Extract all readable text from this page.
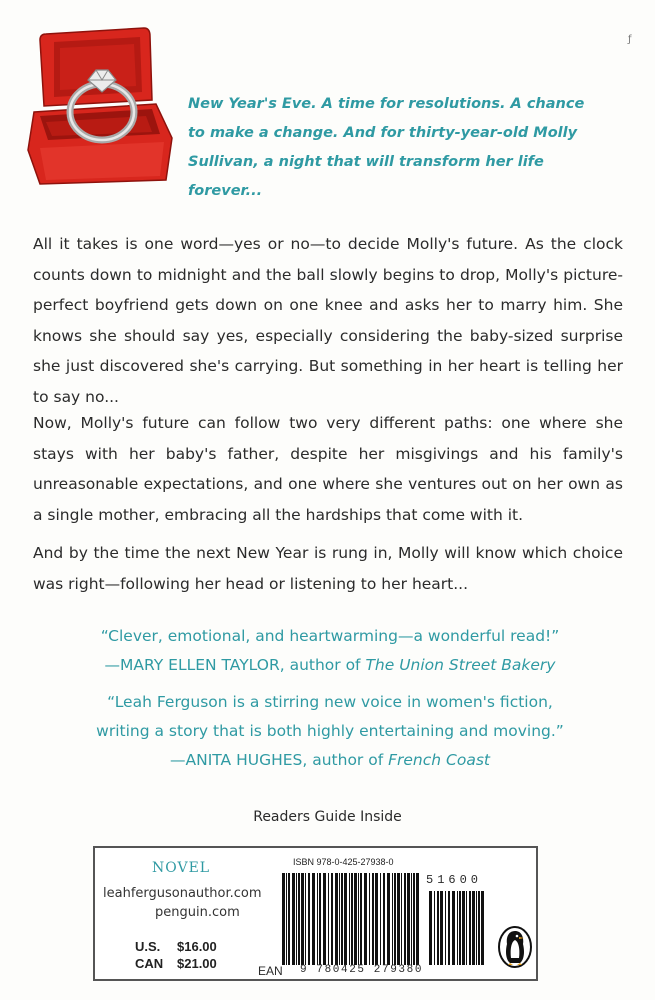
ƒ

New Year's Eve. A time for resolutions. A chance
to make a change. And for thirty-year-old Molly
Sullivan, a night that will transform her life
forever...

All it takes is one word—yes or no—to decide Molly's future. As the clock counts down to midnight and the ball slowly begins to drop, Molly's picture-perfect boyfriend gets down on one knee and asks her to marry him. She knows she should say yes, especially considering the baby-sized surprise she just discovered she's carrying. But something in her heart is telling her to say no...

Now, Molly's future can follow two very different paths: one where she stays with her baby's father, despite her misgivings and his family's unreasonable expectations, and one where she ventures out on her own as a single mother, embracing all the hardships that come with it.

And by the time the next New Year is rung in, Molly will know which choice was right—following her head or listening to her heart...

“Clever, emotional, and heartwarming—a wonderful read!”
—MARY ELLEN TAYLOR, author of The Union Street Bakery

“Leah Ferguson is a stirring new voice in women's fiction,
writing a story that is both highly entertaining and moving.”
—ANITA HUGHES, author of French Coast

Readers Guide Inside
NOVEL
leahfergusonauthor.com
penguin.com
U.S. $16.00
CAN $21.00
ISBN 978-0-425-27938-0
EAN 9 780425 279380
51600
